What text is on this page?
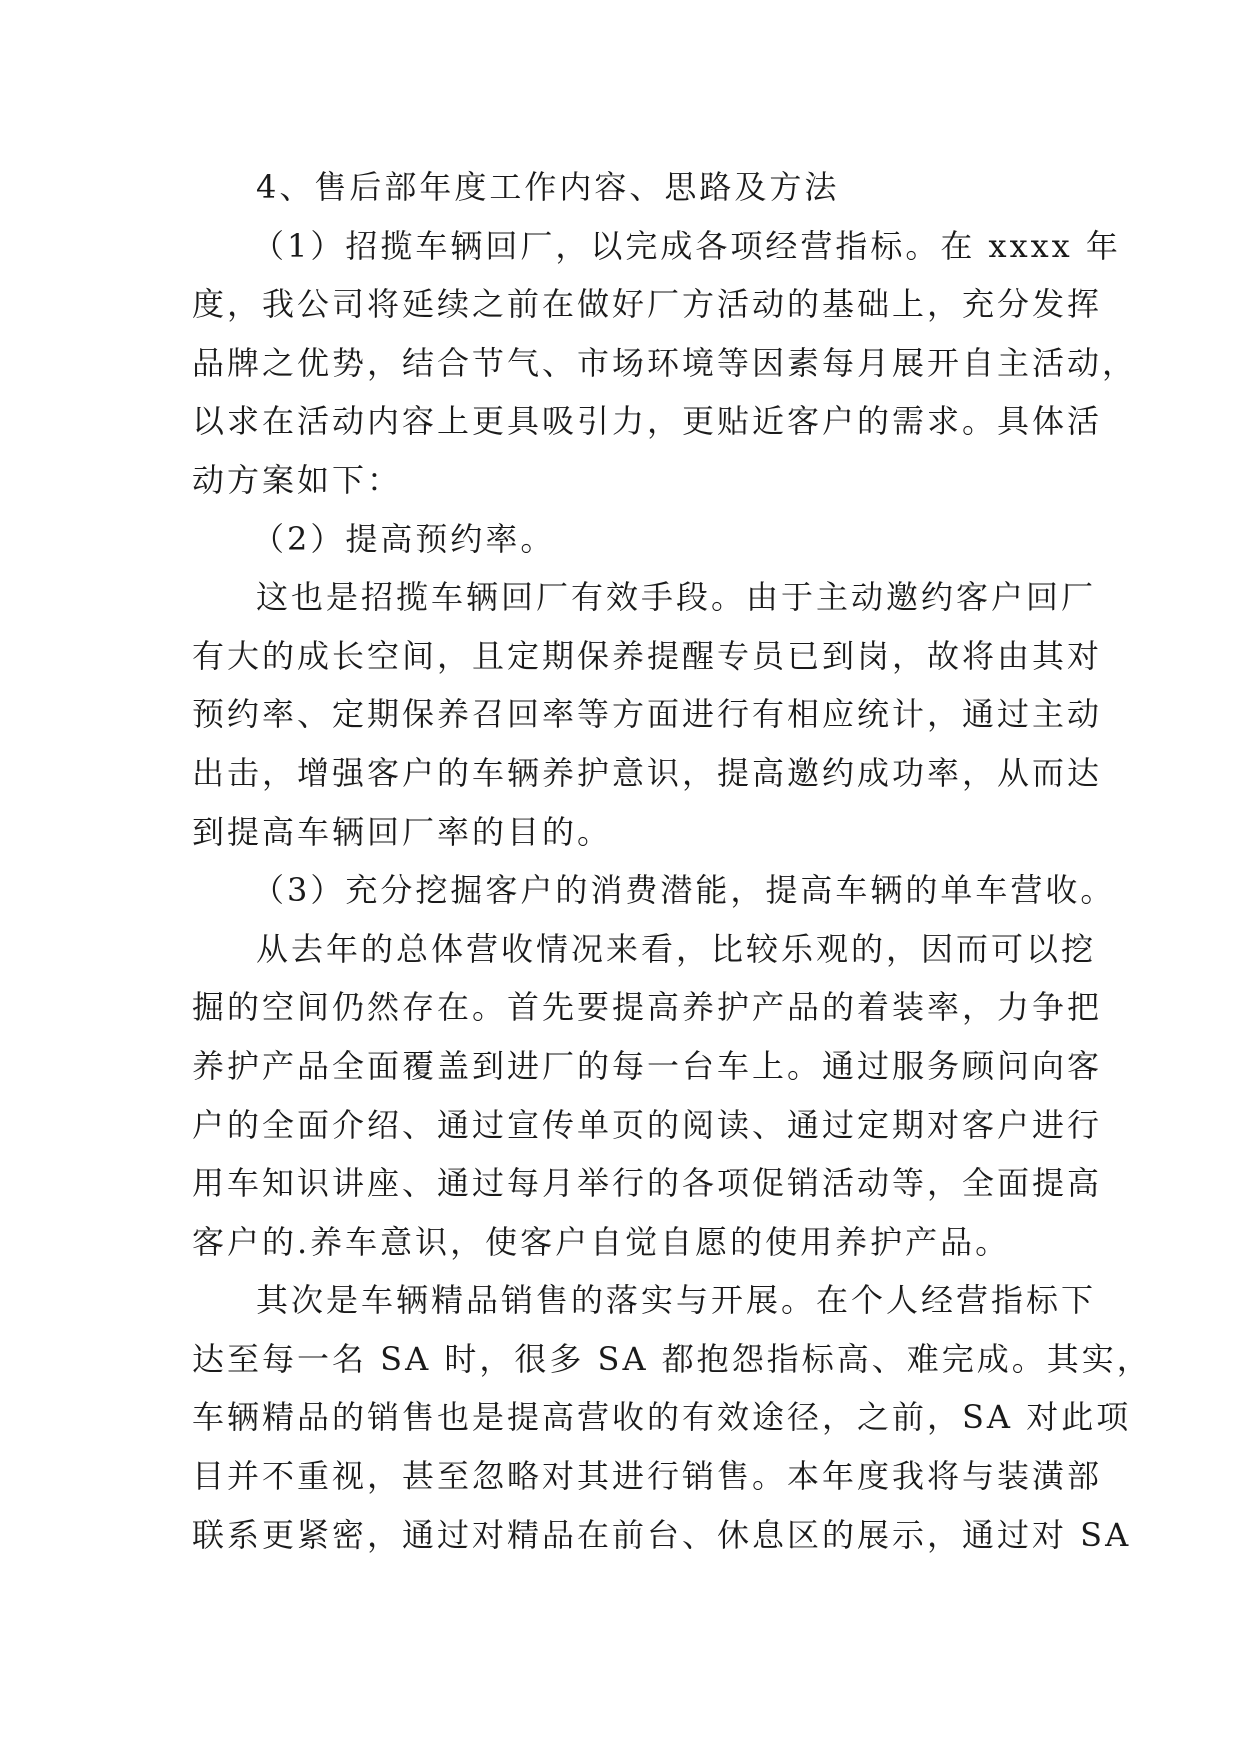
4、售后部年度工作内容、思路及方法
（1）招揽车辆回厂，以完成各项经营指标。在 xxxx 年
度，我公司将延续之前在做好厂方活动的基础上，充分发挥
品牌之优势，结合节气、市场环境等因素每月展开自主活动，
以求在活动内容上更具吸引力，更贴近客户的需求。具体活
动方案如下：
（2）提高预约率。
这也是招揽车辆回厂有效手段。由于主动邀约客户回厂
有大的成长空间，且定期保养提醒专员已到岗，故将由其对
预约率、定期保养召回率等方面进行有相应统计，通过主动
出击，增强客户的车辆养护意识，提高邀约成功率，从而达
到提高车辆回厂率的目的。
（3）充分挖掘客户的消费潜能，提高车辆的单车营收。
从去年的总体营收情况来看，比较乐观的，因而可以挖
掘的空间仍然存在。首先要提高养护产品的着装率，力争把
养护产品全面覆盖到进厂的每一台车上。通过服务顾问向客
户的全面介绍、通过宣传单页的阅读、通过定期对客户进行
用车知识讲座、通过每月举行的各项促销活动等，全面提高
客户的.养车意识，使客户自觉自愿的使用养护产品。
其次是车辆精品销售的落实与开展。在个人经营指标下
达至每一名 SA 时，很多 SA 都抱怨指标高、难完成。其实，
车辆精品的销售也是提高营收的有效途径，之前，SA 对此项
目并不重视，甚至忽略对其进行销售。本年度我将与装潢部
联系更紧密，通过对精品在前台、休息区的展示，通过对 SA
